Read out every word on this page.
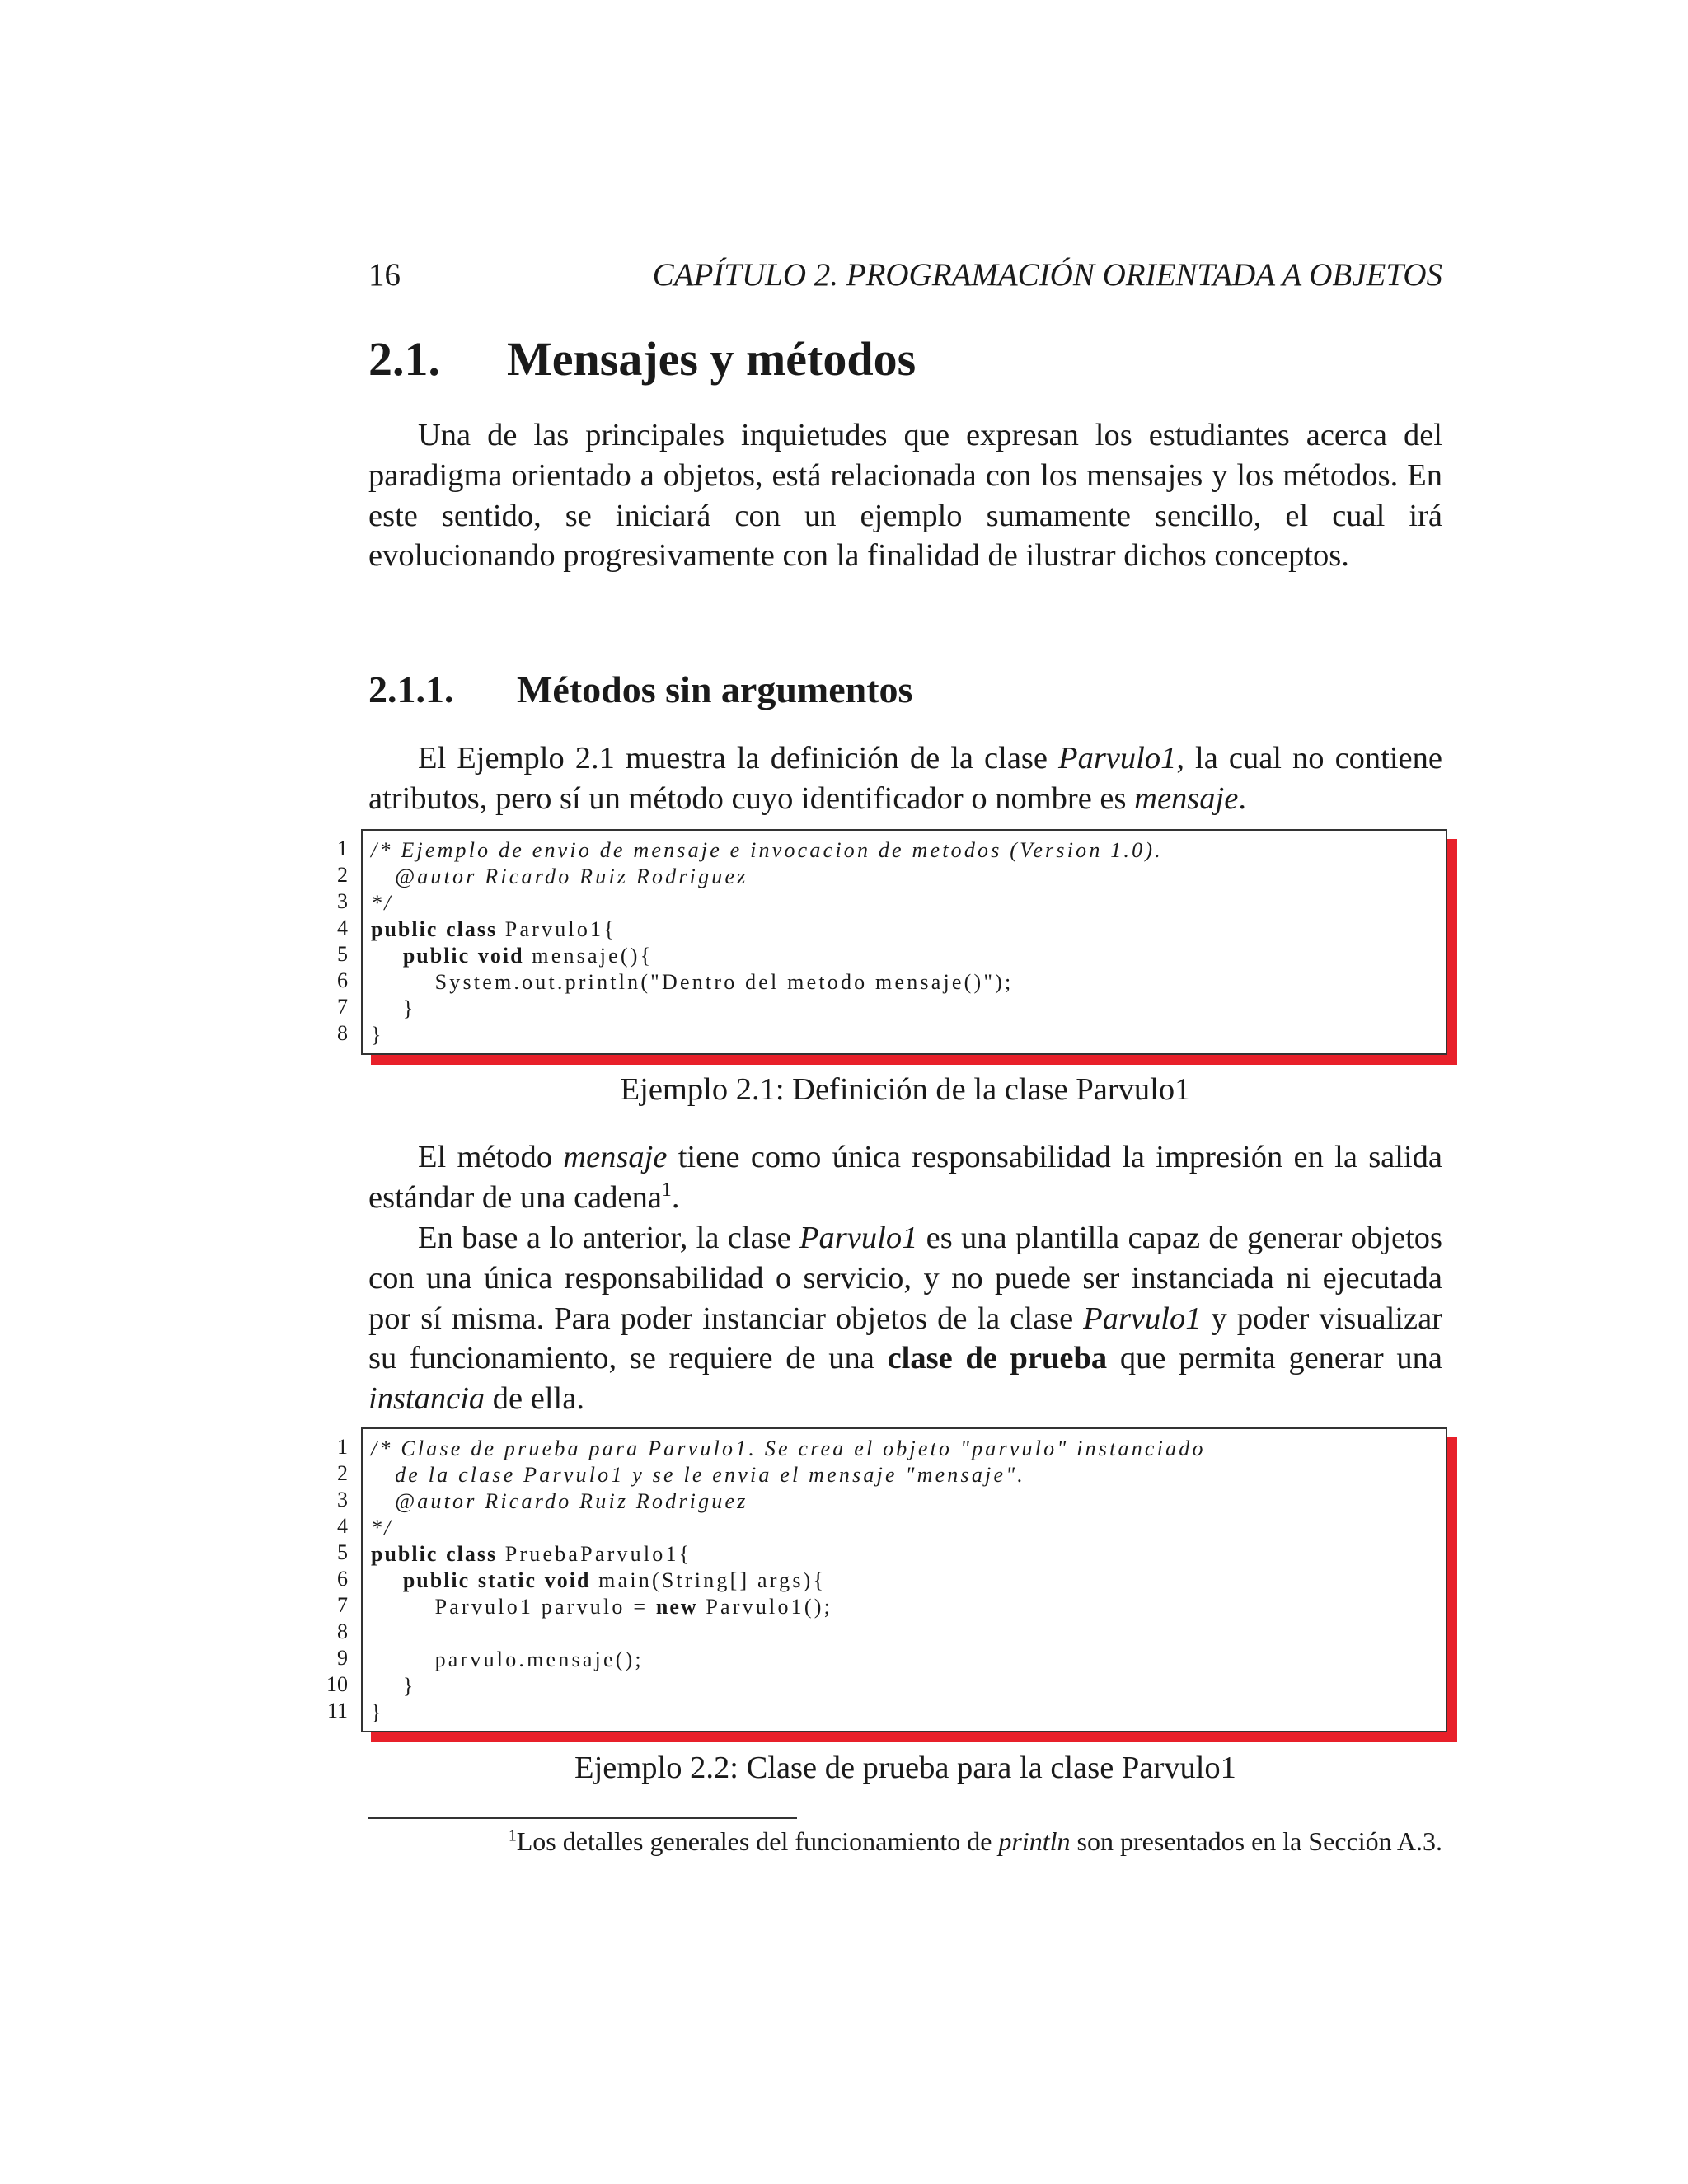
16	CAPÍTULO 2. PROGRAMACIÓN ORIENTADA A OBJETOS
2.1. Mensajes y métodos

Una de las principales inquietudes que expresan los estudiantes acerca del paradigma orientado a objetos, está relacionada con los mensajes y los métodos. En este sentido, se iniciará con un ejemplo sumamente sencillo, el cual irá evolucionando progresivamente con la finalidad de ilustrar dichos conceptos.

2.1.1. Métodos sin argumentos

El Ejemplo 2.1 muestra la definición de la clase Parvulo1, la cual no contiene atributos, pero sí un método cuyo identificador o nombre es mensaje.

1
2
3
4
5
6
7
8
/* Ejemplo de envio de mensaje e invocacion de metodos (Version 1.0).
@autor Ricardo Ruiz Rodriguez
*/
public class Parvulo1{
public void mensaje(){
System.out.println("Dentro del metodo mensaje()");
}
}
Ejemplo 2.1: Definición de la clase Parvulo1

El método mensaje tiene como única responsabilidad la impresión en la salida estándar de una cadena$^1$.

En base a lo anterior, la clase Parvulo1 es una plantilla capaz de generar objetos con una única responsabilidad o servicio, y no puede ser instanciada ni ejecutada por sí misma. Para poder instanciar objetos de la clase Parvulo1 y poder visualizar su funcionamiento, se requiere de una clase de prueba que permita generar una instancia de ella.

1
2
3
4
5
6
7
8
9
10
11
/* Clase de prueba para Parvulo1. Se crea el objeto "parvulo" instanciado
de la clase Parvulo1 y se le envia el mensaje "mensaje".
@autor Ricardo Ruiz Rodriguez
*/
public class PruebaParvulo1{
public static void main(String[] args){
Parvulo1 parvulo = new Parvulo1();
parvulo.mensaje();
}
}
Ejemplo 2.2: Clase de prueba para la clase Parvulo1
$^1$Los detalles generales del funcionamiento de println son presentados en la Sección A.3.
